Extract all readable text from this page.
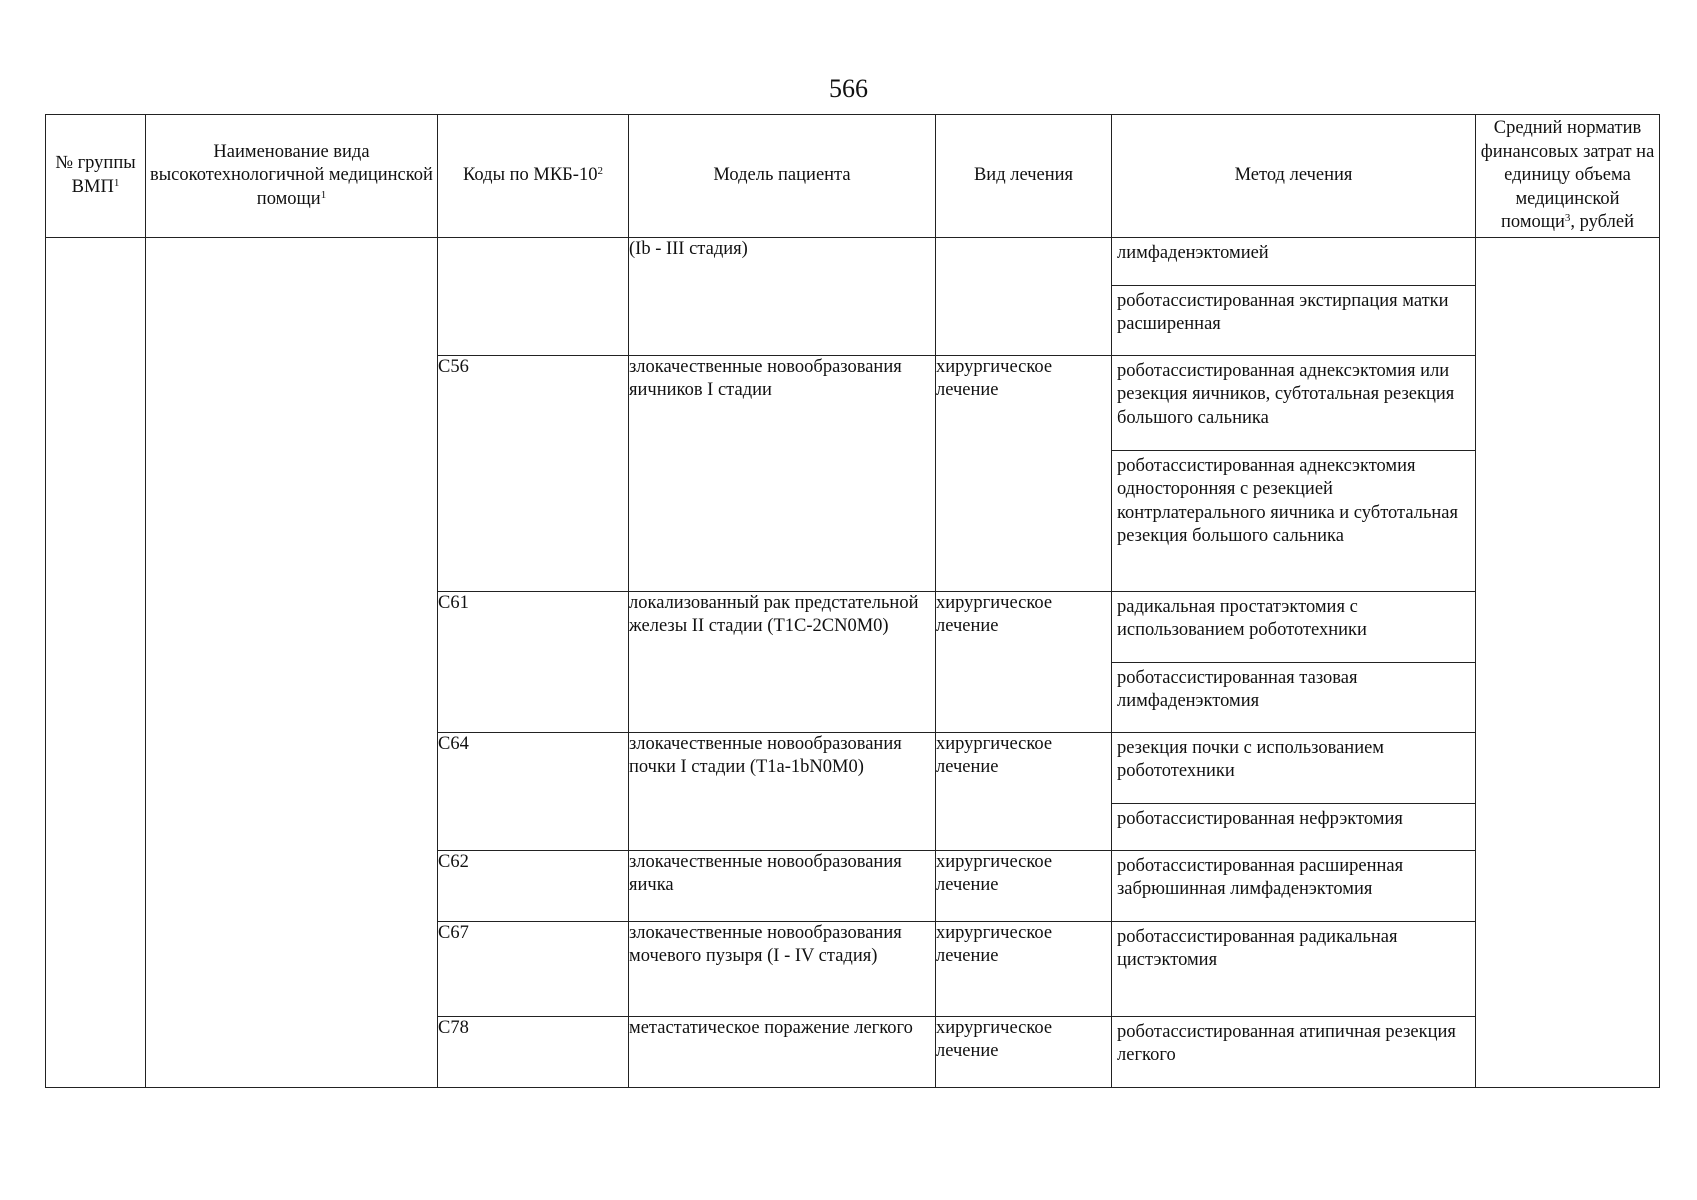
566
№ группы ВМП$^1$	Наименование вида высокотехнологичной медицинской помощи$^1$	Коды по МКБ-$10^2$	Модель пациента	Вид лечения	Метод лечения	Средний норматив финансовых затрат на единицу объема медицинской помощи$^3$, рублей
			(Ib - III стадия)		лимфаденэктомией
роботассистированная экстирпация матки расширенная	

		C56	злокачественные новообразования яичников I стадии	хирургическое лечение	роботассистированная аднексэктомия или резекция яичников, субтотальная резекция большого сальника
роботассистированная аднексэктомия односторонняя с резекцией контрлатерального яичника и субтотальная резекция большого сальника	

		C61	локализованный рак предстательной железы II стадии (T1C-2CN0M0)	хирургическое лечение	радикальная простатэктомия с использованием робототехники
роботассистированная тазовая лимфаденэктомия	

		C64	злокачественные новообразования почки I стадии (T1a-1bN0M0)	хирургическое лечение	резекция почки с использованием робототехники
роботассистированная нефрэктомия	

		C62	злокачественные новообразования яичка	хирургическое лечение	роботассистированная расширенная забрюшинная лимфаденэктомия	

		C67	злокачественные новообразования мочевого пузыря (I - IV стадия)	хирургическое лечение	роботассистированная радикальная цистэктомия	

		C78	метастатическое поражение легкого	хирургическое лечение	роботассистированная атипичная резекция легкого	
